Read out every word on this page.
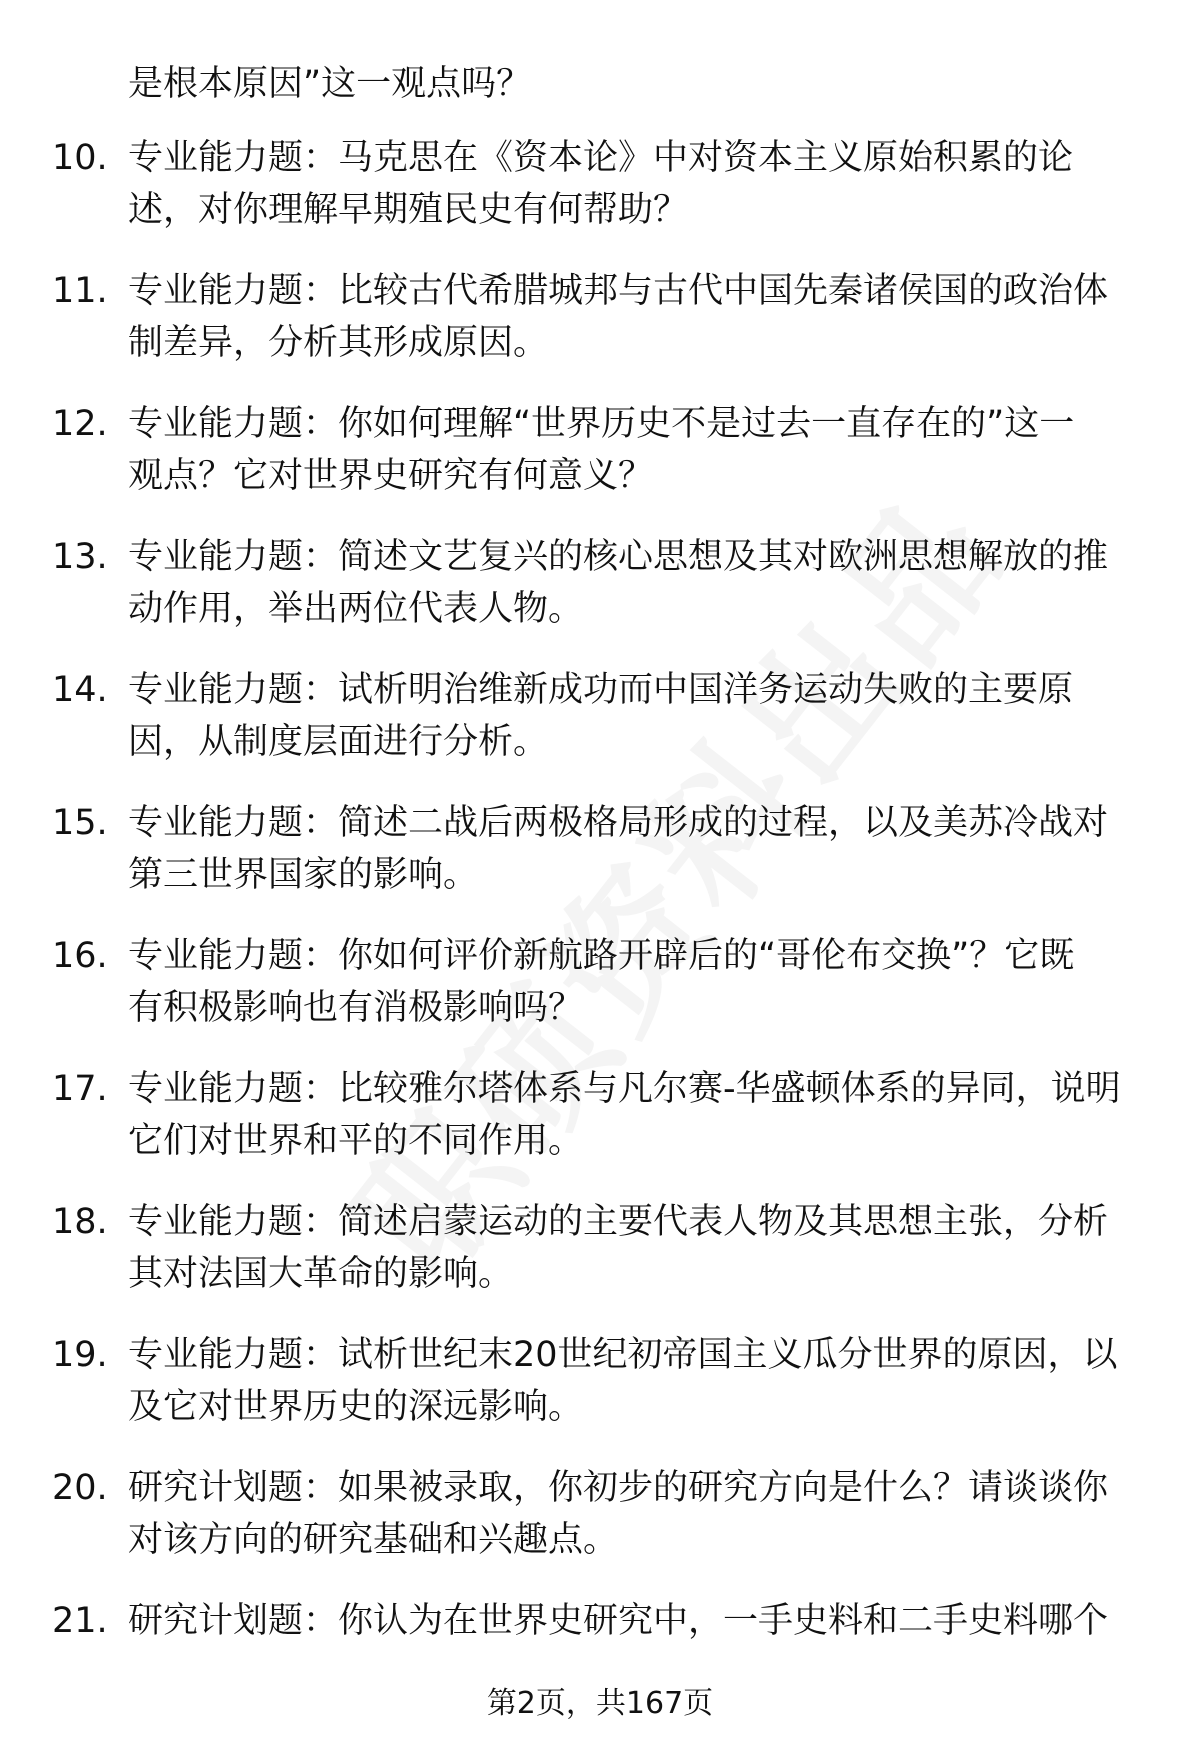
是根本原因”这一观点吗？
10. 专业能力题：马克思在《资本论》中对资本主义原始积累的论
述，对你理解早期殖民史有何帮助？
11. 专业能力题：比较古代希腊城邦与古代中国先秦诸侯国的政治体
制差异，分析其形成原因。
12. 专业能力题：你如何理解“世界历史不是过去一直存在的”这一
观点？它对世界史研究有何意义？
13. 专业能力题：简述文艺复兴的核心思想及其对欧洲思想解放的推
动作用，举出两位代表人物。
14. 专业能力题：试析明治维新成功而中国洋务运动失败的主要原
因，从制度层面进行分析。
15. 专业能力题：简述二战后两极格局形成的过程，以及美苏冷战对
第三世界国家的影响。
16. 专业能力题：你如何评价新航路开辟后的“哥伦布交换”？它既
有积极影响也有消极影响吗？
17. 专业能力题：比较雅尔塔体系与凡尔赛-华盛顿体系的异同，说明
它们对世界和平的不同作用。
18. 专业能力题：简述启蒙运动的主要代表人物及其思想主张，分析
其对法国大革命的影响。
19. 专业能力题：试析世纪末20世纪初帝国主义瓜分世界的原因，以
及它对世界历史的深远影响。
20. 研究计划题：如果被录取，你初步的研究方向是什么？请谈谈你
对该方向的研究基础和兴趣点。
21. 研究计划题：你认为在世界史研究中，一手史料和二手史料哪个
第2页，共167页
